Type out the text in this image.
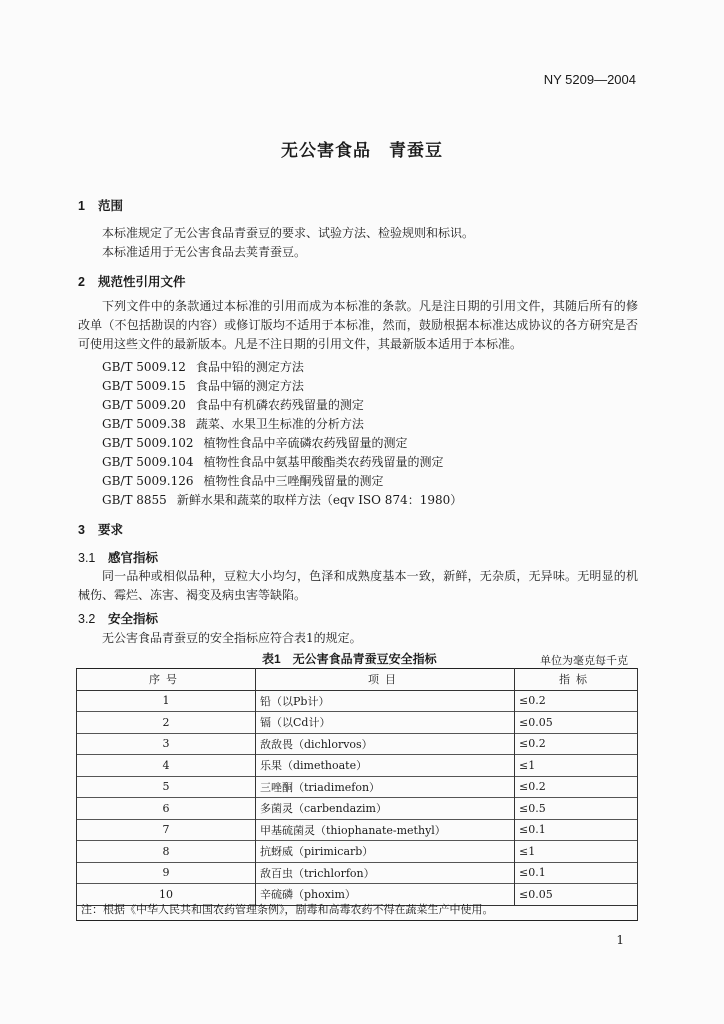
NY 5209—2004
无公害食品　青蚕豆
1 范围
本标准规定了无公害食品青蚕豆的要求、试验方法、检验规则和标识。
本标准适用于无公害食品去荚青蚕豆。
2 规范性引用文件
下列文件中的条款通过本标准的引用而成为本标准的条款。凡是注日期的引用文件，其随后所有的修改单（不包括勘误的内容）或修订版均不适用于本标准，然而，鼓励根据本标准达成协议的各方研究是否可使用这些文件的最新版本。凡是不注日期的引用文件，其最新版本适用于本标准。
GB/T 5009.12 食品中铅的测定方法
GB/T 5009.15 食品中镉的测定方法
GB/T 5009.20 食品中有机磷农药残留量的测定
GB/T 5009.38 蔬菜、水果卫生标准的分析方法
GB/T 5009.102 植物性食品中辛硫磷农药残留量的测定
GB/T 5009.104 植物性食品中氨基甲酸酯类农药残留量的测定
GB/T 5009.126 植物性食品中三唑酮残留量的测定
GB/T 8855 新鲜水果和蔬菜的取样方法（eqv ISO 874：1980）
3 要求
3.1 感官指标
同一品种或相似品种，豆粒大小均匀，色泽和成熟度基本一致，新鲜，无杂质，无异味。无明显的机械伤、霉烂、冻害、褐变及病虫害等缺陷。
3.2 安全指标
无公害食品青蚕豆的安全指标应符合表1的规定。
表1　无公害食品青蚕豆安全指标	单位为毫克每千克
序号	项目	指标
1	铅（以Pb计）	≤0.2
2	镉（以Cd计）	≤0.05
3	敌敌畏（dichlorvos）	≤0.2
4	乐果（dimethoate）	≤1
5	三唑酮（triadimefon）	≤0.2
6	多菌灵（carbendazim）	≤0.5
7	甲基硫菌灵（thiophanate-methyl）	≤0.1
8	抗蚜威（pirimicarb）	≤1
9	敌百虫（trichlorfon）	≤0.1
10	辛硫磷（phoxim）	≤0.05
注：根据《中华人民共和国农药管理条例》，剧毒和高毒农药不得在蔬菜生产中使用。
1
